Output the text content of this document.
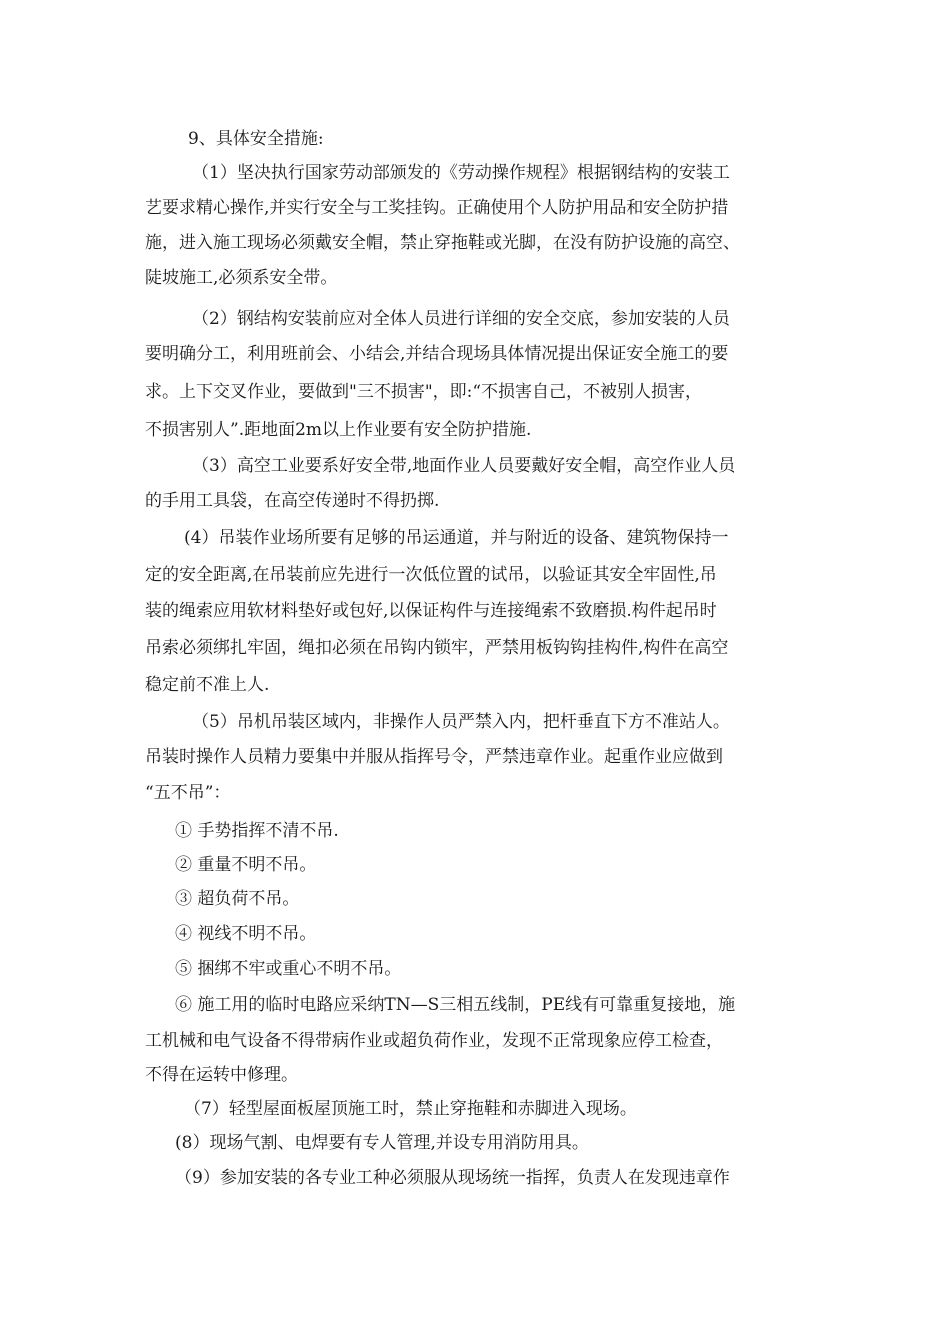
9、具体安全措施:
（1）坚决执行国家劳动部颁发的《劳动操作规程》根据钢结构的安装工
艺要求精心操作,并实行安全与工奖挂钩。正确使用个人防护用品和安全防护措
施，进入施工现场必须戴安全帽，禁止穿拖鞋或光脚，在没有防护设施的高空、
陡坡施工,必须系安全带。
（2）钢结构安装前应对全体人员进行详细的安全交底，参加安装的人员
要明确分工，利用班前会、小结会,并结合现场具体情况提出保证安全施工的要
求。上下交叉作业，要做到"三不损害"，即:“不损害自己，不被别人损害，
不损害别人”.距地面2m以上作业要有安全防护措施.
（3）高空工业要系好安全带,地面作业人员要戴好安全帽，高空作业人员
的手用工具袋，在高空传递时不得扔掷.
(4）吊装作业场所要有足够的吊运通道，并与附近的设备、建筑物保持一
定的安全距离,在吊装前应先进行一次低位置的试吊，以验证其安全牢固性,吊
装的绳索应用软材料垫好或包好,以保证构件与连接绳索不致磨损.构件起吊时
吊索必须绑扎牢固，绳扣必须在吊钩内锁牢，严禁用板钩钩挂构件,构件在高空
稳定前不准上人.
（5）吊机吊装区域内，非操作人员严禁入内，把杆垂直下方不准站人。
吊装时操作人员精力要集中并服从指挥号令，严禁违章作业。起重作业应做到
“五不吊”：
① 手势指挥不清不吊.
② 重量不明不吊。
③ 超负荷不吊。
④ 视线不明不吊。
⑤ 捆绑不牢或重心不明不吊。
⑥ 施工用的临时电路应采纳TN—S三相五线制，PE线有可靠重复接地，施
工机械和电气设备不得带病作业或超负荷作业，发现不正常现象应停工检查，
不得在运转中修理。
（7）轻型屋面板屋顶施工时，禁止穿拖鞋和赤脚进入现场。
(8）现场气割、电焊要有专人管理,并设专用消防用具。
（9）参加安装的各专业工种必须服从现场统一指挥，负责人在发现违章作
